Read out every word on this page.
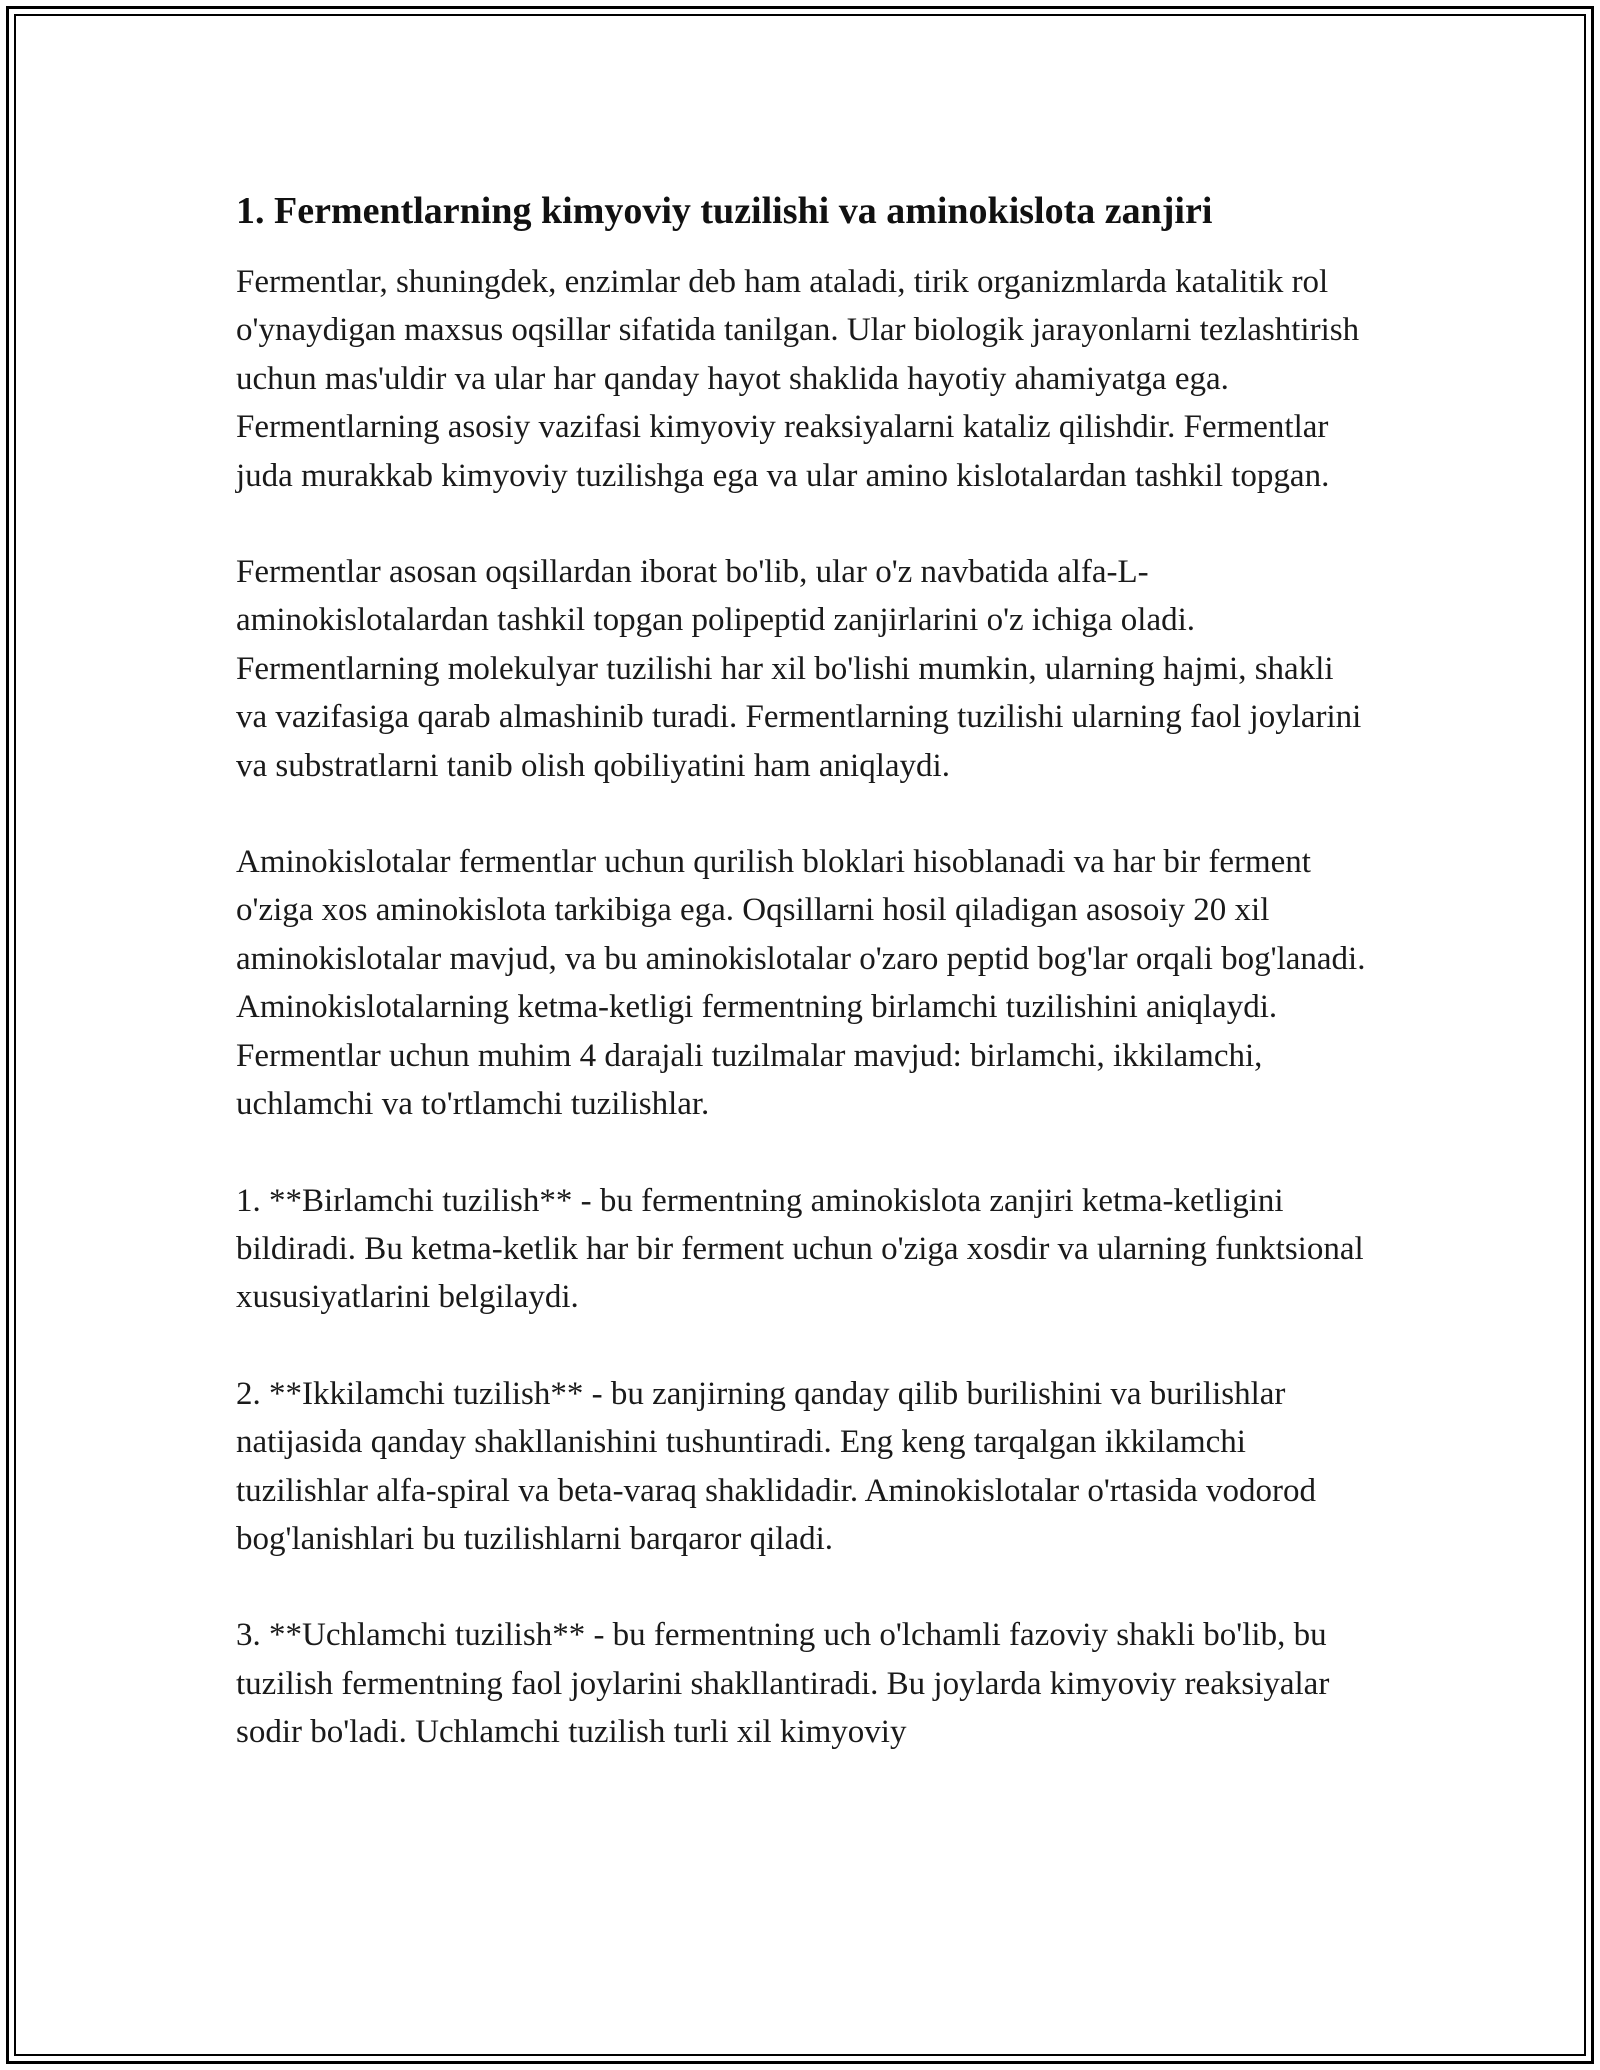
1. Fermentlarning kimyoviy tuzilishi va aminokislota zanjiri

Fermentlar, shuningdek, enzimlar deb ham ataladi, tirik organizmlarda katalitik rol o'ynaydigan maxsus oqsillar sifatida tanilgan. Ular biologik jarayonlarni tezlashtirish uchun mas'uldir va ular har qanday hayot shaklida hayotiy ahamiyatga ega. Fermentlarning asosiy vazifasi kimyoviy reaksiyalarni kataliz qilishdir. Fermentlar juda murakkab kimyoviy tuzilishga ega va ular amino kislotalardan tashkil topgan.

Fermentlar asosan oqsillardan iborat bo'lib, ular o'z navbatida alfa-L-aminokislotalardan tashkil topgan polipeptid zanjirlarini o'z ichiga oladi. Fermentlarning molekulyar tuzilishi har xil bo'lishi mumkin, ularning hajmi, shakli va vazifasiga qarab almashinib turadi. Fermentlarning tuzilishi ularning faol joylarini va substratlarni tanib olish qobiliyatini ham aniqlaydi.

Aminokislotalar fermentlar uchun qurilish bloklari hisoblanadi va har bir ferment o'ziga xos aminokislota tarkibiga ega. Oqsillarni hosil qiladigan asosoiy 20 xil aminokislotalar mavjud, va bu aminokislotalar o'zaro peptid bog'lar orqali bog'lanadi. Aminokislotalarning ketma-ketligi fermentning birlamchi tuzilishini aniqlaydi. Fermentlar uchun muhim 4 darajali tuzilmalar mavjud: birlamchi, ikkilamchi, uchlamchi va to'rtlamchi tuzilishlar.

1. **Birlamchi tuzilish** - bu fermentning aminokislota zanjiri ketma-ketligini bildiradi. Bu ketma-ketlik har bir ferment uchun o'ziga xosdir va ularning funktsional xususiyatlarini belgilaydi.

2. **Ikkilamchi tuzilish** - bu zanjirning qanday qilib burilishini va burilishlar natijasida qanday shakllanishini tushuntiradi. Eng keng tarqalgan ikkilamchi tuzilishlar alfa-spiral va beta-varaq shaklidadir. Aminokislotalar o'rtasida vodorod bog'lanishlari bu tuzilishlarni barqaror qiladi.

3. **Uchlamchi tuzilish** - bu fermentning uch o'lchamli fazoviy shakli bo'lib, bu tuzilish fermentning faol joylarini shakllantiradi. Bu joylarda kimyoviy reaksiyalar sodir bo'ladi. Uchlamchi tuzilish turli xil kimyoviy
